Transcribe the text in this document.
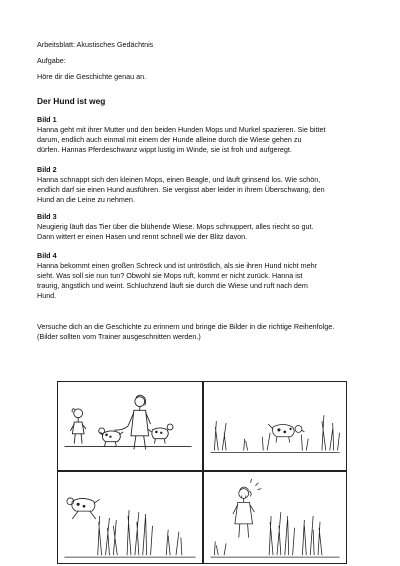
Arbeitsblatt: Akustisches Gedächtnis
Aufgabe:
Höre dir die Geschichte genau an.
Der Hund ist weg
Bild 1
Hanna geht mit ihrer Mutter und den beiden Hunden Mops und Murkel spazieren. Sie bittet
darum, endlich auch einmal mit einem der Hunde alleine durch die Wiese gehen zu
dürfen. Hannas Pferdeschwanz wippt lustig im Winde, sie ist froh und aufgeregt.
Bild 2
Hanna schnappt sich den kleinen Mops, einen Beagle, und läuft grinsend los. Wie schön,
endlich darf sie einen Hund ausführen. Sie vergisst aber leider in ihrem Überschwang, den
Hund an die Leine zu nehmen.
Bild 3
Neugierig läuft das Tier über die blühende Wiese. Mops schnuppert, alles riecht so gut.
Dann wittert er einen Hasen und rennt schnell wie der Blitz davon.
Bild 4
Hanna bekommt einen großen Schreck und ist untröstlich, als sie ihren Hund nicht mehr
sieht. Was soll sie nun tun? Obwohl sie Mops ruft, kommt er nicht zurück. Hanna ist
traurig, ängstlich und weint. Schluchzend läuft sie durch die Wiese und ruft nach dem
Hund.
Versuche dich an die Geschichte zu erinnern und bringe die Bilder in die richtige Reihenfolge.
(Bilder sollten vom Trainer ausgeschnitten werden.)
